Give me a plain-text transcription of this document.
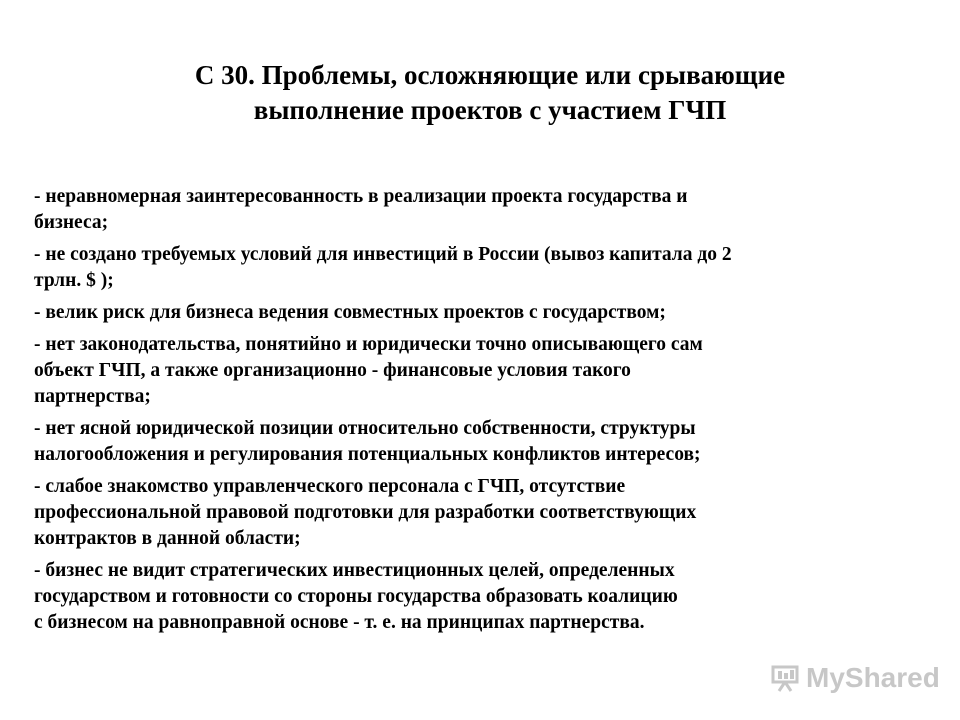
С 30. Проблемы, осложняющие или срывающие
выполнение проектов с участием ГЧП
- неравномерная заинтересованность в реализации проекта государства и
бизнеса;
- не создано требуемых условий для инвестиций в России (вывоз капитала до 2
трлн. $ );
- велик риск для бизнеса ведения совместных проектов с государством;
- нет законодательства, понятийно и юридически точно описывающего сам
объект ГЧП, а также организационно - финансовые условия такого
партнерства;
- нет ясной юридической позиции относительно собственности, структуры
налогообложения и регулирования потенциальных конфликтов интересов;
- слабое знакомство управленческого персонала с ГЧП, отсутствие
профессиональной правовой подготовки для разработки соответствующих
контрактов в данной области;
- бизнес не видит стратегических инвестиционных целей, определенных
государством и готовности со стороны государства образовать коалицию
с бизнесом на равноправной основе - т. е. на принципах партнерства.
MyShared
